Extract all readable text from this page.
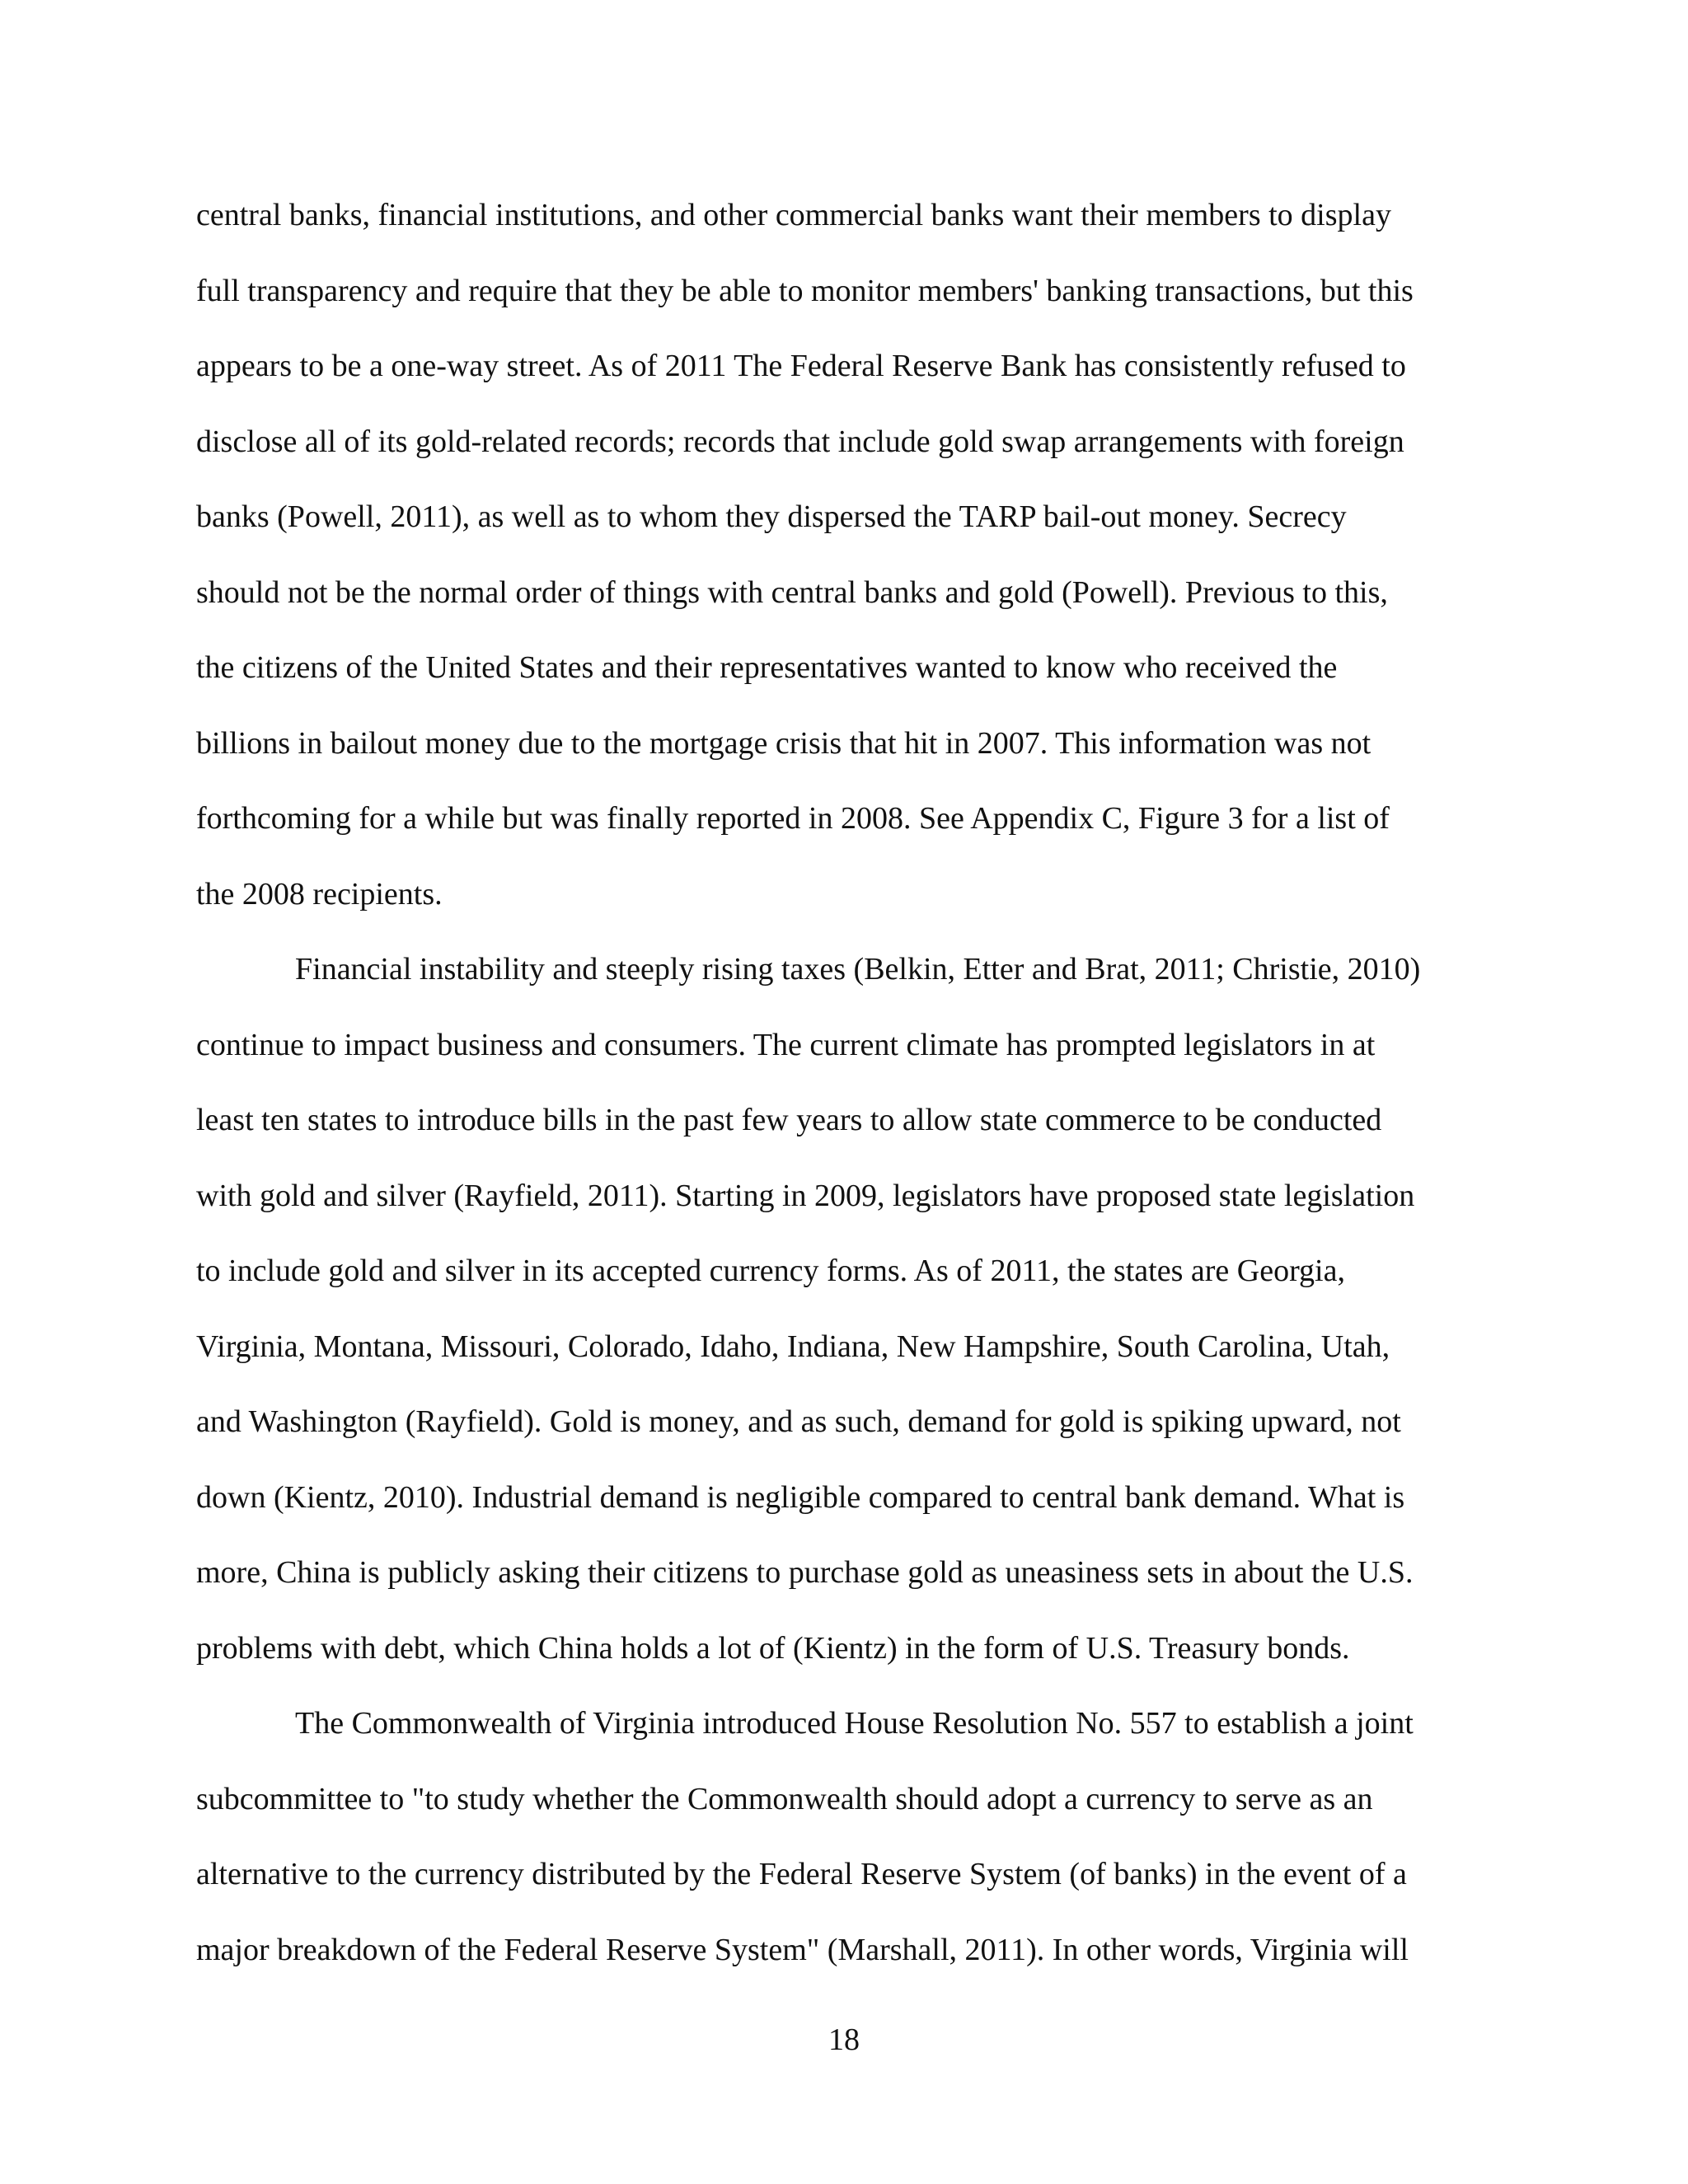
central banks, financial institutions, and other commercial banks want their members to display
full transparency and require that they be able to monitor members' banking transactions, but this
appears to be a one-way street. As of 2011 The Federal Reserve Bank has consistently refused to
disclose all of its gold-related records; records that include gold swap arrangements with foreign
banks (Powell, 2011), as well as to whom they dispersed the TARP bail-out money. Secrecy
should not be the normal order of things with central banks and gold (Powell). Previous to this,
the citizens of the United States and their representatives wanted to know who received the
billions in bailout money due to the mortgage crisis that hit in 2007. This information was not
forthcoming for a while but was finally reported in 2008. See Appendix C, Figure 3 for a list of
the 2008 recipients.
Financial instability and steeply rising taxes (Belkin, Etter and Brat, 2011; Christie, 2010)
continue to impact business and consumers. The current climate has prompted legislators in at
least ten states to introduce bills in the past few years to allow state commerce to be conducted
with gold and silver (Rayfield, 2011). Starting in 2009, legislators have proposed state legislation
to include gold and silver in its accepted currency forms. As of 2011, the states are Georgia,
Virginia, Montana, Missouri, Colorado, Idaho, Indiana, New Hampshire, South Carolina, Utah,
and Washington (Rayfield). Gold is money, and as such, demand for gold is spiking upward, not
down (Kientz, 2010). Industrial demand is negligible compared to central bank demand. What is
more, China is publicly asking their citizens to purchase gold as uneasiness sets in about the U.S.
problems with debt, which China holds a lot of (Kientz) in the form of U.S. Treasury bonds.
The Commonwealth of Virginia introduced House Resolution No. 557 to establish a joint
subcommittee to "to study whether the Commonwealth should adopt a currency to serve as an
alternative to the currency distributed by the Federal Reserve System (of banks) in the event of a
major breakdown of the Federal Reserve System" (Marshall, 2011). In other words, Virginia will
18
